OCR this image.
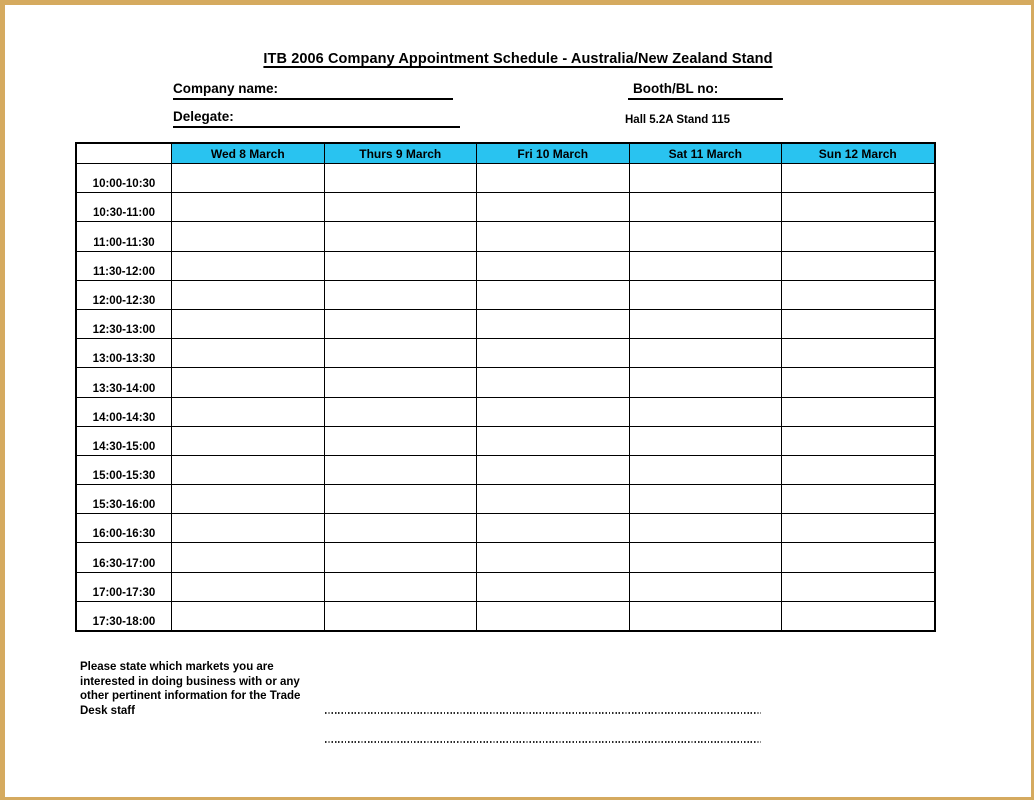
ITB 2006 Company Appointment Schedule - Australia/New Zealand Stand
Company name:	Booth/BL no:
Delegate:	Hall 5.2A Stand 115
Wed 8 March	Thurs 9 March	Fri 10 March	Sat 11 March	Sun 12 March
10:00-10:30
10:30-11:00
11:00-11:30
11:30-12:00
12:00-12:30
12:30-13:00
13:00-13:30
13:30-14:00
14:00-14:30
14:30-15:00
15:00-15:30
15:30-16:00
16:00-16:30
16:30-17:00
17:00-17:30
17:30-18:00
Please state which markets you are
interested in doing business with or any
other pertinent information for the Trade
Desk staff
